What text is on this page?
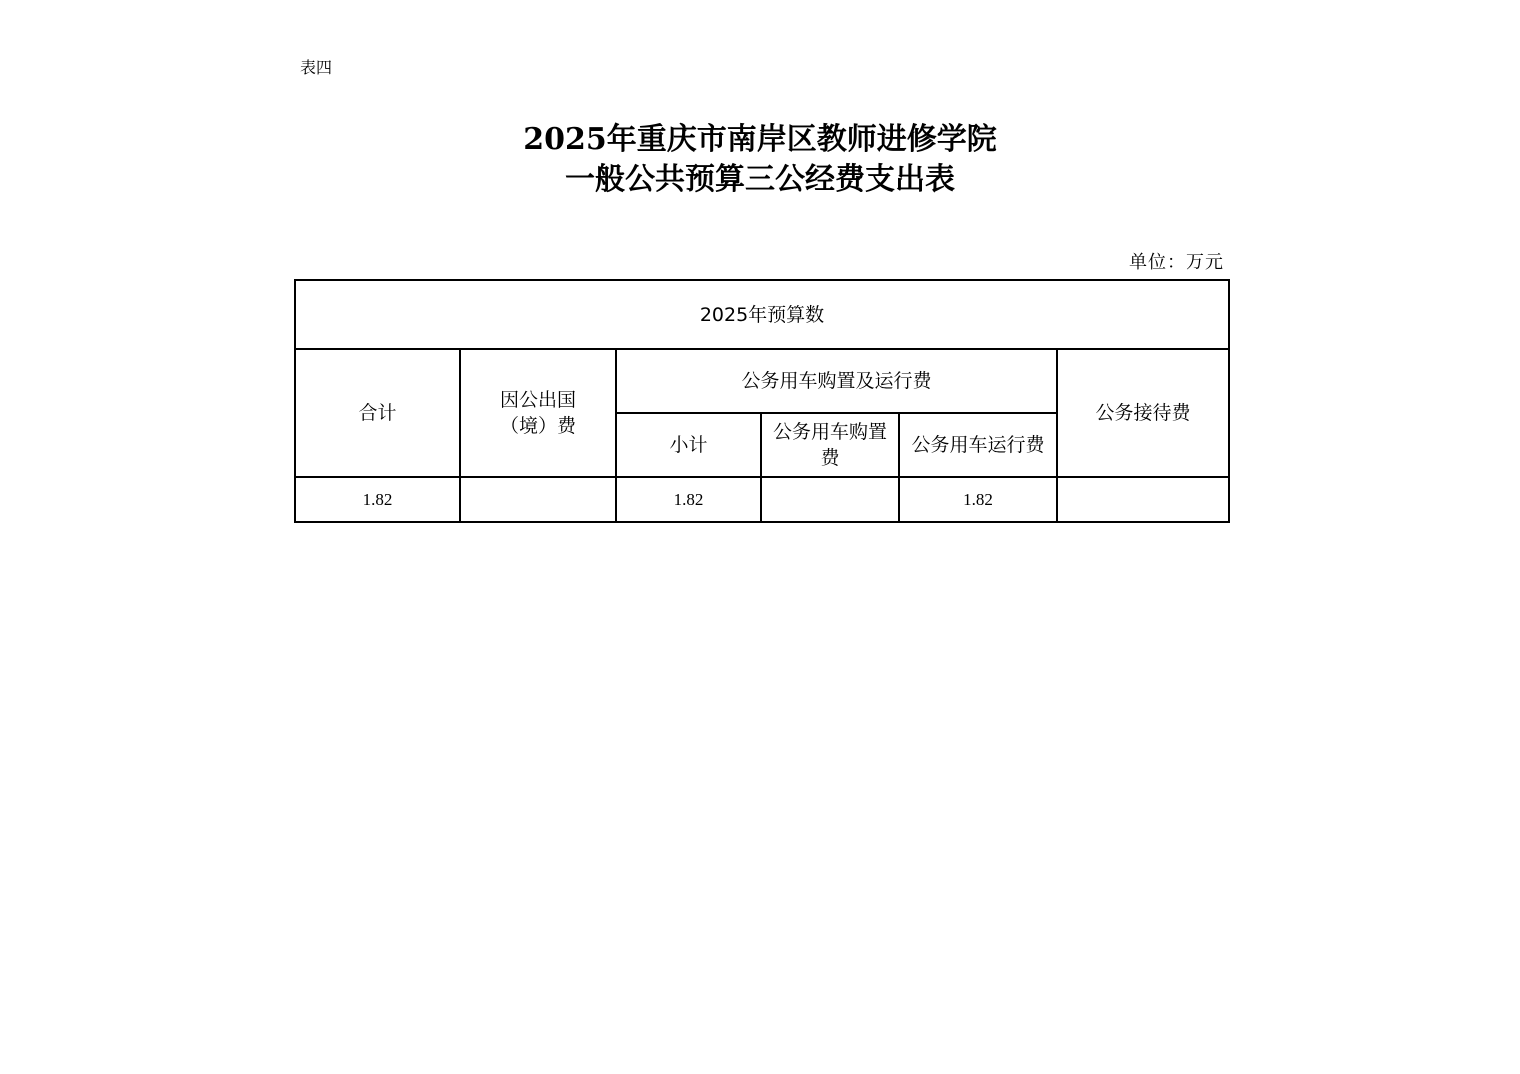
表四
2025年重庆市南岸区教师进修学院
一般公共预算三公经费支出表
单位：万元
2025年预算数					
合计	因公出国（境）费	公务用车购置及运行费			公务接待费
		小计	公务用车购置费	公务用车运行费	
1.82		1.82		1.82	
